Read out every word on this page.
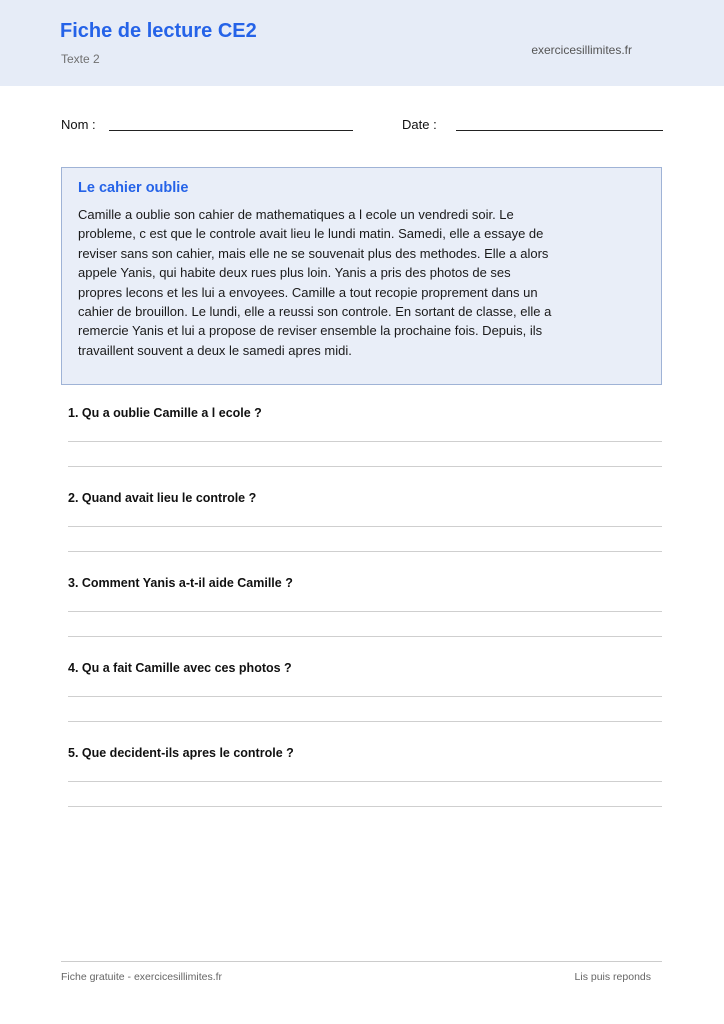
Fiche de lecture CE2
Texte 2
exercicesillimites.fr
Nom :	Date :
Le cahier oublie

Camille a oublie son cahier de mathematiques a l ecole un vendredi soir. Le probleme, c est que le controle avait lieu le lundi matin. Samedi, elle a essaye de reviser sans son cahier, mais elle ne se souvenait plus des methodes. Elle a alors appele Yanis, qui habite deux rues plus loin. Yanis a pris des photos de ses propres lecons et les lui a envoyees. Camille a tout recopie proprement dans un cahier de brouillon. Le lundi, elle a reussi son controle. En sortant de classe, elle a remercie Yanis et lui a propose de reviser ensemble la prochaine fois. Depuis, ils travaillent souvent a deux le samedi apres midi.

1. Qu a oublie Camille a l ecole ?
2. Quand avait lieu le controle ?
3. Comment Yanis a-t-il aide Camille ?
4. Qu a fait Camille avec ces photos ?
5. Que decident-ils apres le controle ?
Fiche gratuite - exercicesillimites.fr	Lis puis reponds
